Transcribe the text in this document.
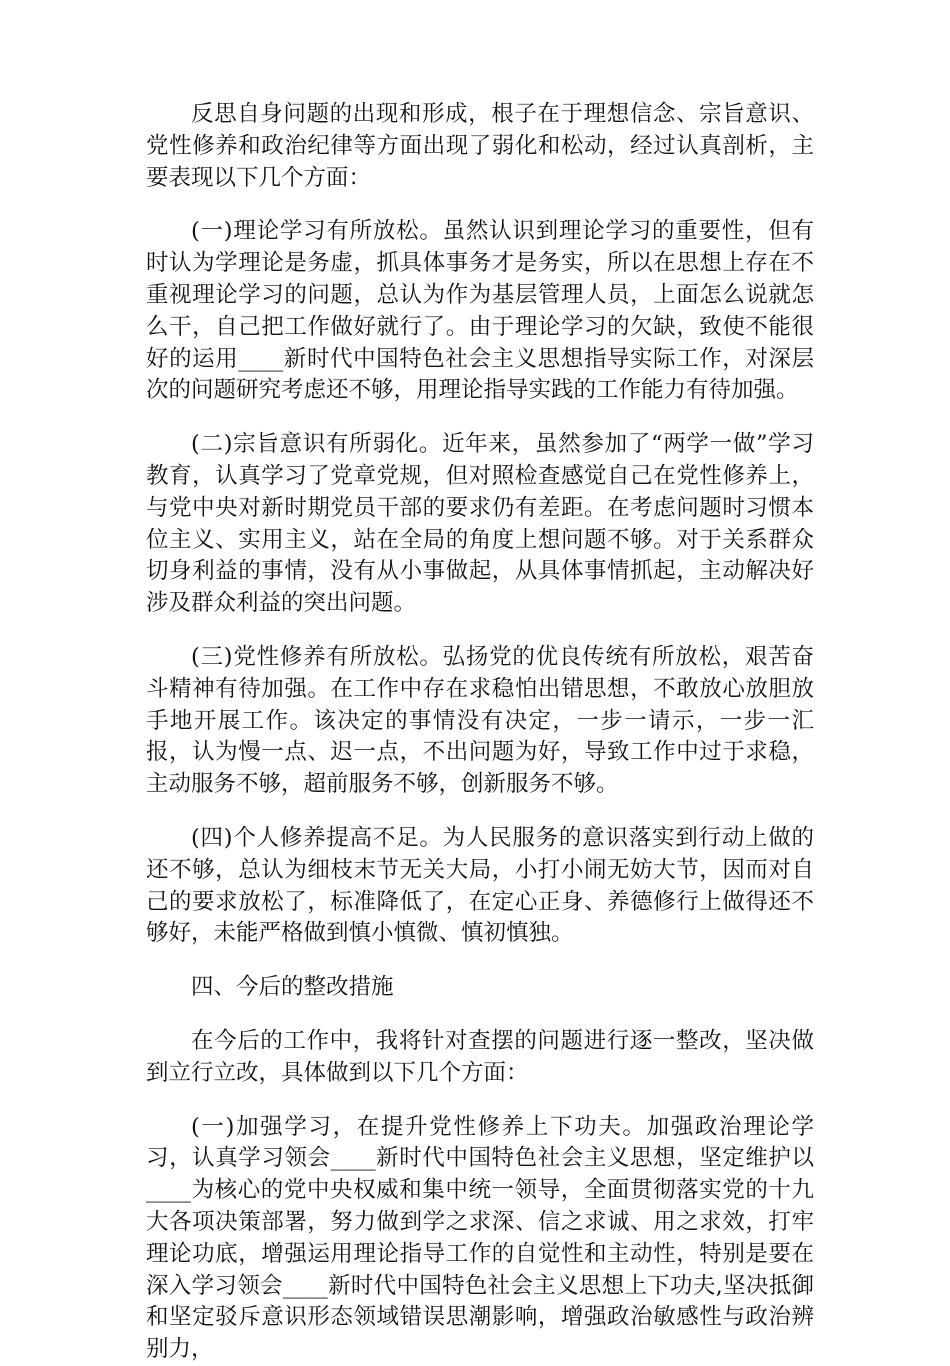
反思自身问题的出现和形成，根子在于理想信念、宗旨意识、党性修养和政治纪律等方面出现了弱化和松动，经过认真剖析，主要表现以下几个方面：

(一)理论学习有所放松。虽然认识到理论学习的重要性，但有时认为学理论是务虚，抓具体事务才是务实，所以在思想上存在不重视理论学习的问题，总认为作为基层管理人员，上面怎么说就怎么干，自己把工作做好就行了。由于理论学习的欠缺，致使不能很好的运用____新时代中国特色社会主义思想指导实际工作，对深层次的问题研究考虑还不够，用理论指导实践的工作能力有待加强。

(二)宗旨意识有所弱化。近年来，虽然参加了“两学一做”学习教育，认真学习了党章党规，但对照检查感觉自己在党性修养上，与党中央对新时期党员干部的要求仍有差距。在考虑问题时习惯本位主义、实用主义，站在全局的角度上想问题不够。对于关系群众切身利益的事情，没有从小事做起，从具体事情抓起，主动解决好涉及群众利益的突出问题。

(三)党性修养有所放松。弘扬党的优良传统有所放松，艰苦奋斗精神有待加强。在工作中存在求稳怕出错思想，不敢放心放胆放手地开展工作。该决定的事情没有决定，一步一请示，一步一汇报，认为慢一点、迟一点，不出问题为好，导致工作中过于求稳，主动服务不够，超前服务不够，创新服务不够。

(四)个人修养提高不足。为人民服务的意识落实到行动上做的还不够，总认为细枝末节无关大局，小打小闹无妨大节，因而对自己的要求放松了，标准降低了，在定心正身、养德修行上做得还不够好，未能严格做到慎小慎微、慎初慎独。

四、今后的整改措施

在今后的工作中，我将针对查摆的问题进行逐一整改，坚决做到立行立改，具体做到以下几个方面：

(一)加强学习，在提升党性修养上下功夫。加强政治理论学习，认真学习领会____新时代中国特色社会主义思想，坚定维护以____为核心的党中央权威和集中统一领导，全面贯彻落实党的十九大各项决策部署，努力做到学之求深、信之求诚、用之求效，打牢理论功底，增强运用理论指导工作的自觉性和主动性，特别是要在深入学习领会____新时代中国特色社会主义思想上下功夫,坚决抵御和坚定驳斥意识形态领域错误思潮影响，增强政治敏感性与政治辨别力，
